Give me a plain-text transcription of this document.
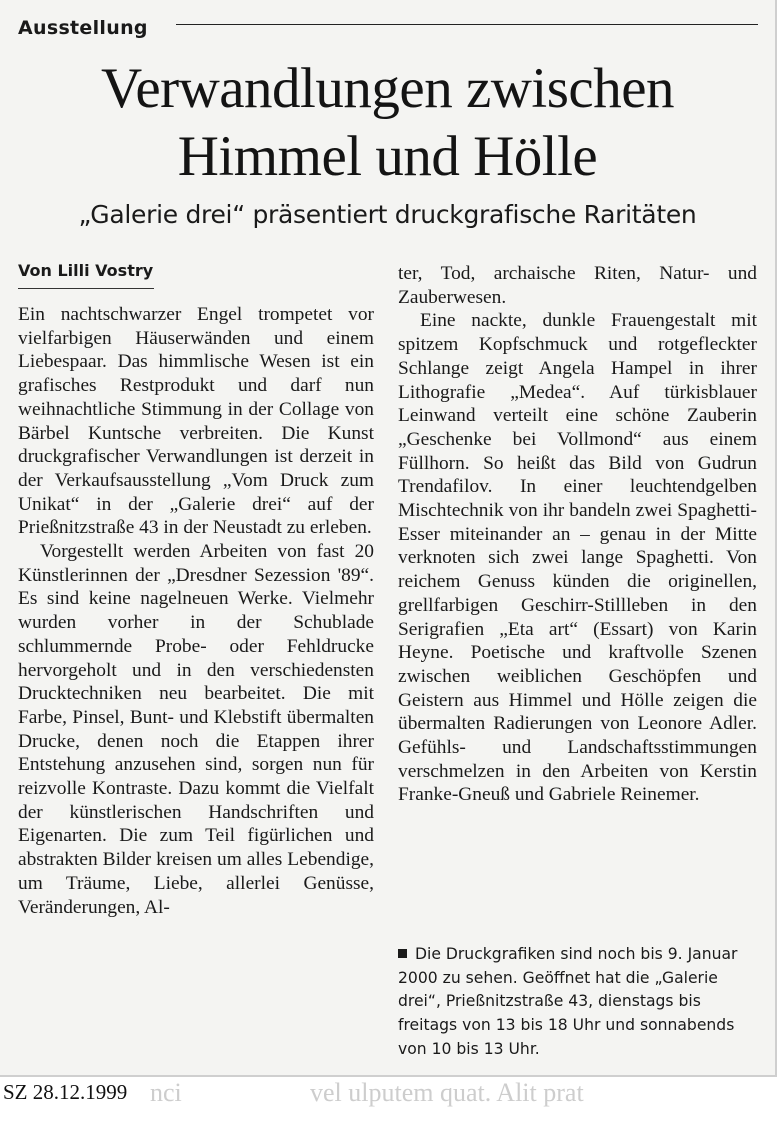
Ausstellung
Verwandlungen zwischen
Himmel und Hölle
„Galerie drei“ präsentiert druckgrafische Raritäten
Von Lilli Vostry

Ein nachtschwarzer Engel trompetet vor vielfarbigen Häuserwänden und einem Liebespaar. Das himmlische Wesen ist ein grafisches Restprodukt und darf nun weihnachtliche Stimmung in der Collage von Bärbel Kuntsche verbreiten. Die Kunst druckgrafischer Verwandlungen ist derzeit in der Verkaufsausstellung „Vom Druck zum Unikat“ in der „Galerie drei“ auf der Prießnitzstraße 43 in der Neustadt zu erleben.

Vorgestellt werden Arbeiten von fast 20 Künstlerinnen der „Dresdner Sezession '89“. Es sind keine nagelneuen Werke. Vielmehr wurden vorher in der Schublade schlummernde Probe- oder Fehldrucke hervorgeholt und in den verschiedensten Drucktechniken neu bearbeitet. Die mit Farbe, Pinsel, Bunt- und Klebstift übermalten Drucke, denen noch die Etappen ihrer Entstehung anzusehen sind, sorgen nun für reizvolle Kontraste. Dazu kommt die Vielfalt der künstlerischen Handschriften und Eigenarten. Die zum Teil figürlichen und abstrakten Bilder kreisen um alles Lebendige, um Träume, Liebe, allerlei Genüsse, Veränderungen, Al-

ter, Tod, archaische Riten, Natur- und Zauberwesen.

Eine nackte, dunkle Frauengestalt mit spitzem Kopfschmuck und rotgefleckter Schlange zeigt Angela Hampel in ihrer Lithografie „Medea“. Auf türkisblauer Leinwand verteilt eine schöne Zauberin „Geschenke bei Vollmond“ aus einem Füllhorn. So heißt das Bild von Gudrun Trendafilov. In einer leuchtendgelben Mischtechnik von ihr bandeln zwei Spaghetti-Esser miteinander an – genau in der Mitte verknoten sich zwei lange Spaghetti. Von reichem Genuss künden die originellen, grellfarbigen Geschirr-Stillleben in den Serigrafien „Eta art“ (Essart) von Karin Heyne. Poetische und kraftvolle Szenen zwischen weiblichen Geschöpfen und Geistern aus Himmel und Hölle zeigen die übermalten Radierungen von Leonore Adler. Gefühls- und Landschaftsstimmungen verschmelzen in den Arbeiten von Kerstin Franke-Gneuß und Gabriele Reinemer.

Die Druckgrafiken sind noch bis 9. Januar 2000 zu sehen. Geöffnet hat die „Galerie drei“, Prießnitzstraße 43, dienstags bis freitags von 13 bis 18 Uhr und sonnabends von 10 bis 13 Uhr.
nci	vel ulputem quat. Alit prat
SZ 28.12.1999
